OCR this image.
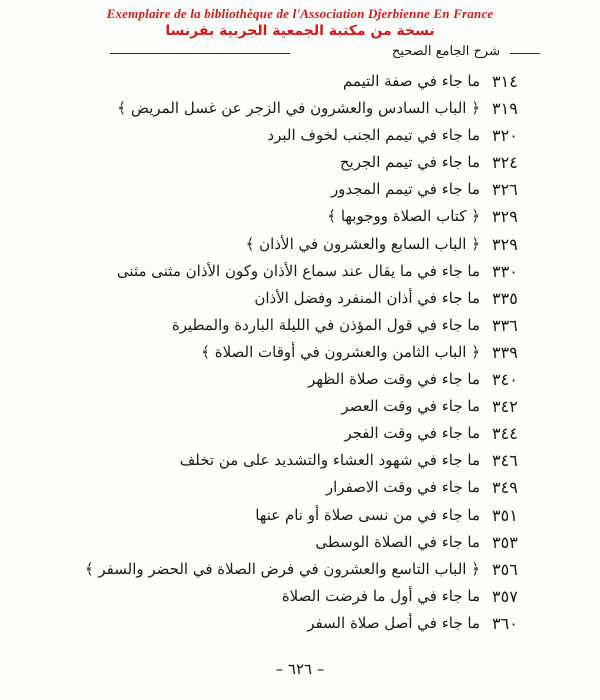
Exemplaire de la bibliothèque de l'Association Djerbienne En France
نسخة من مكتبة الجمعية الجربية بفرنسا
شرح الجامع الصحيح
٣١٤
ما جاء في صفة التيمم
٣١٩
﴿ الباب السادس والعشرون في الزجر عن غسل المريض ﴾
٣٢٠
ما جاء في تيمم الجنب لخوف البرد
٣٢٤
ما جاء في تيمم الجريح
٣٢٦
ما جاء في تيمم المجدور
٣٢٩
﴿ كتاب الصلاة ووجوبها ﴾
٣٢٩
﴿ الباب السابع والعشرون في الأذان ﴾
٣٣٠
ما جاء في ما يقال عند سماع الأذان وكون الأذان مثنى مثنى
٣٣٥
ما جاء في أذان المنفرد وفضل الأذان
٣٣٦
ما جاء في قول المؤذن في الليلة الباردة والمطيرة
٣٣٩
﴿ الباب الثامن والعشرون في أوقات الصلاة ﴾
٣٤٠
ما جاء في وقت صلاة الظهر
٣٤٢
ما جاء في وقت العصر
٣٤٤
ما جاء في وقت الفجر
٣٤٦
ما جاء في شهود العشاء والتشديد على من تخلف
٣٤٩
ما جاء في وقت الاصفرار
٣٥١
ما جاء في من نسى صلاة أو نام عنها
٣٥٣
ما جاء في الصلاة الوسطى
٣٥٦
﴿ الباب التاسع والعشرون في فرض الصلاة في الحضر والسفر ﴾
٣٥٧
ما جاء في أول ما فرضت الصلاة
٣٦٠
ما جاء في أصل صلاة السفر
– ٦٢٦ –
